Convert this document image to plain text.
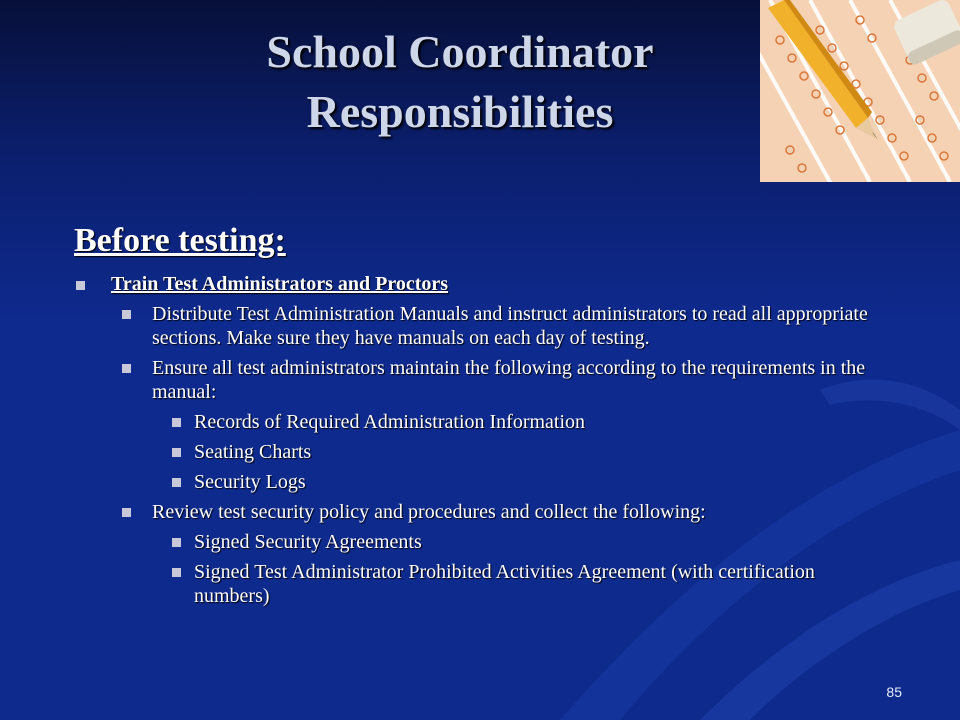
School Coordinator Responsibilities
Before testing:
Train Test Administrators and Proctors
Distribute Test Administration Manuals and instruct administrators to read all appropriate sections. Make sure they have manuals on each day of testing.
Ensure all test administrators maintain the following according to the requirements in the manual:
Records of Required Administration Information
Seating Charts
Security Logs
Review test security policy and procedures and collect the following:
Signed Security Agreements
Signed Test Administrator Prohibited Activities Agreement (with certification numbers)
85
